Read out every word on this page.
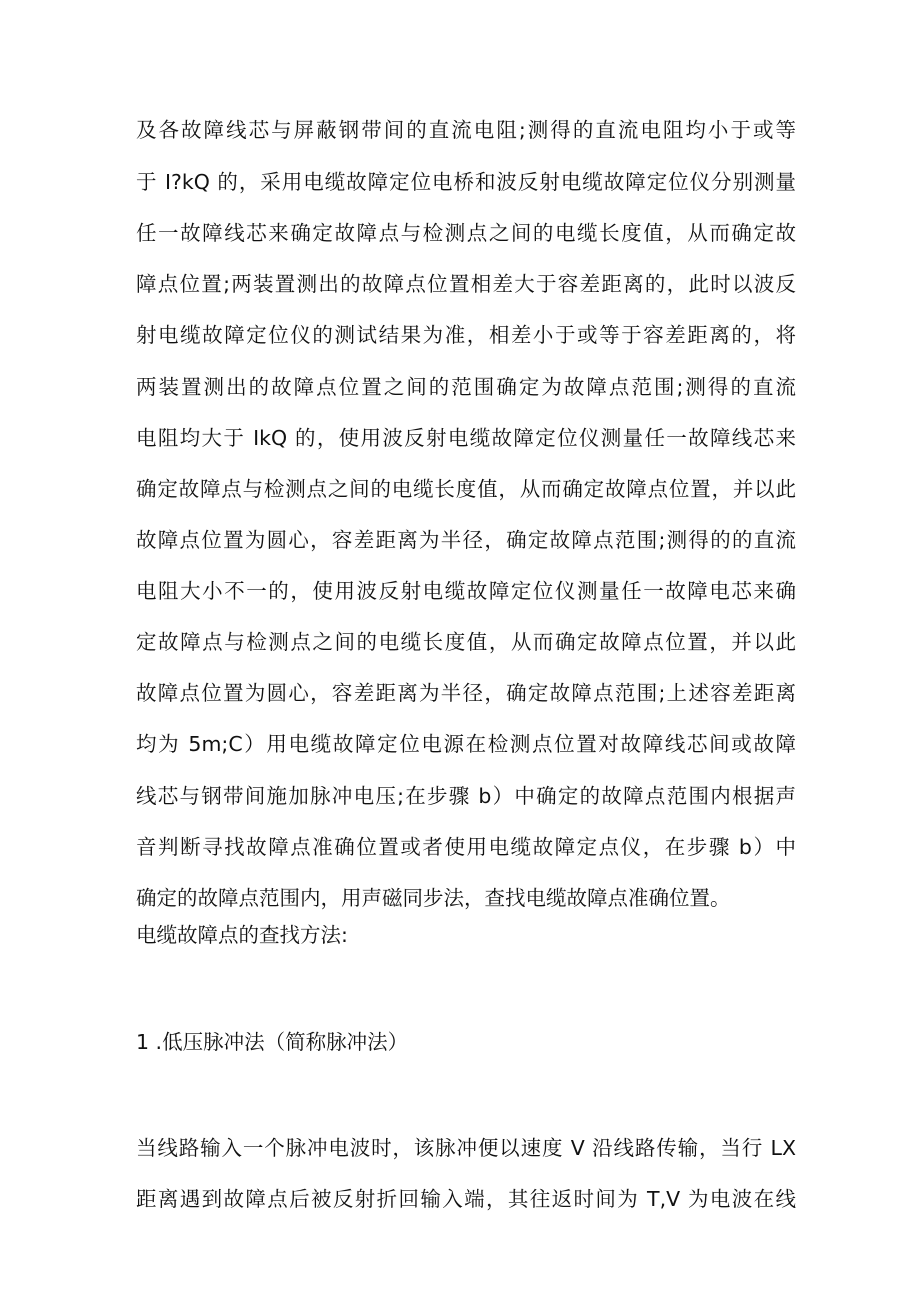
及各故障线芯与屏蔽钢带间的直流电阻;测得的直流电阻均小于或等
于 I?kQ 的，采用电缆故障定位电桥和波反射电缆故障定位仪分别测量
任一故障线芯来确定故障点与检测点之间的电缆长度值，从而确定故
障点位置;两装置测出的故障点位置相差大于容差距离的，此时以波反
射电缆故障定位仪的测试结果为准，相差小于或等于容差距离的，将
两装置测出的故障点位置之间的范围确定为故障点范围;测得的直流
电阻均大于 IkQ 的，使用波反射电缆故障定位仪测量任一故障线芯来
确定故障点与检测点之间的电缆长度值，从而确定故障点位置，并以此
故障点位置为圆心，容差距离为半径，确定故障点范围;测得的的直流
电阻大小不一的，使用波反射电缆故障定位仪测量任一故障电芯来确
定故障点与检测点之间的电缆长度值，从而确定故障点位置，并以此
故障点位置为圆心，容差距离为半径，确定故障点范围;上述容差距离
均为 5m;C）用电缆故障定位电源在检测点位置对故障线芯间或故障
线芯与钢带间施加脉冲电压;在步骤 b）中确定的故障点范围内根据声
音判断寻找故障点准确位置或者使用电缆故障定点仪，在步骤 b）中
确定的故障点范围内，用声磁同步法，查找电缆故障点准确位置。
电缆故障点的查找方法:
1 .低压脉冲法（简称脉冲法）
当线路输入一个脉冲电波时，该脉冲便以速度 V 沿线路传输，当行 LX
距离遇到故障点后被反射折回输入端，其往返时间为 T,V 为电波在线
